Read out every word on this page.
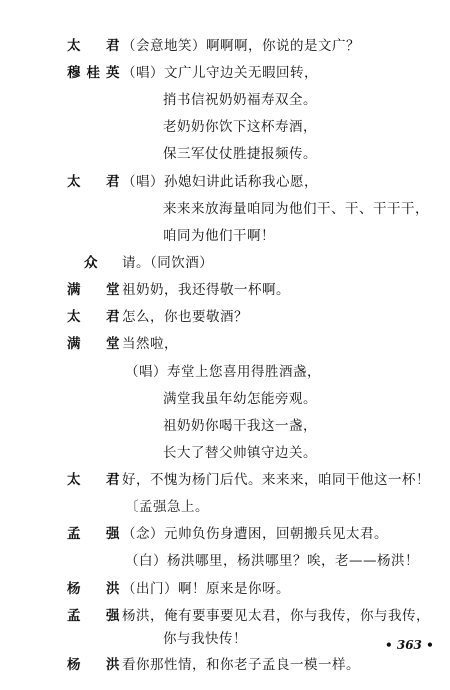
太　君
（会意地笑）啊啊啊，你说的是文广？
穆桂英
（唱）文广儿守边关无暇回转，
捎书信祝奶奶福寿双全。
老奶奶你饮下这杯寿酒，
保三军仗仗胜捷报频传。
太　君
（唱）孙媳妇讲此话称我心愿，
来来来放海量咱同为他们干、干、干干干，
咱同为他们干啊！
众	请。（同饮酒）
满　堂
祖奶奶，我还得敬一杯啊。
太　君
怎么，你也要敬酒？
满　堂
当然啦，
（唱）寿堂上您喜用得胜酒盏，
满堂我虽年幼怎能旁观。
祖奶奶你喝干我这一盏，
长大了替父帅镇守边关。
太　君
好，不愧为杨门后代。来来来，咱同干他这一杯！
〔孟强急上。
孟　强
（念）元帅负伤身遭困，回朝搬兵见太君。
（白）杨洪哪里，杨洪哪里？唉，老——杨洪！
杨　洪
（出门）啊！原来是你呀。
孟　强
杨洪，俺有要事要见太君，你与我传，你与我传，
你与我快传！
杨　洪
看你那性情，和你老子孟良一模一样。
• 363 •
